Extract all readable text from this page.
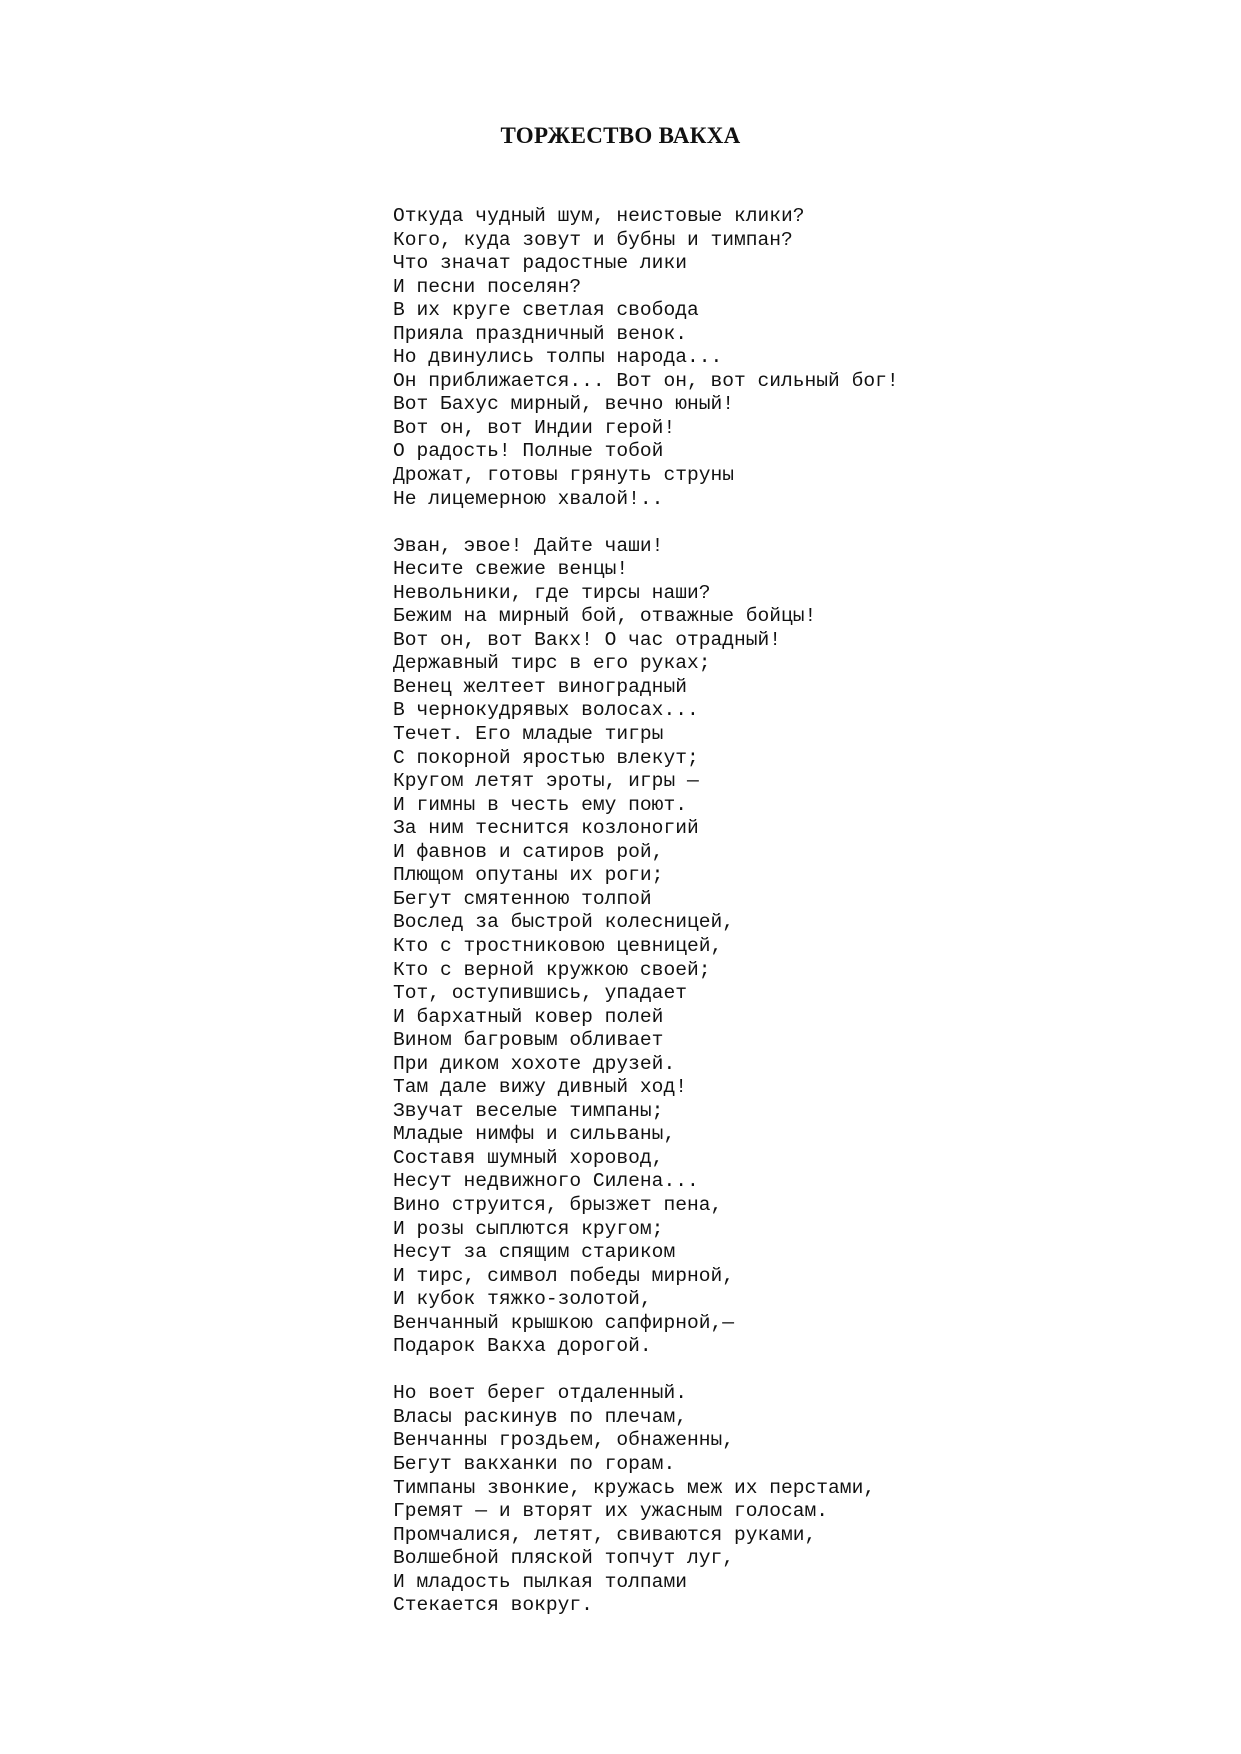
ТОРЖЕСТВО ВАКХА
Откуда чудный шум, неистовые клики?
Кого, куда зовут и бубны и тимпан?
Что значат радостные лики
И песни поселян?
В их круге светлая свобода
Прияла праздничный венок.
Но двинулись толпы народа...
Он приближается... Вот он, вот сильный бог!
Вот Бахус мирный, вечно юный!
Вот он, вот Индии герой!
О радость! Полные тобой
Дрожат, готовы грянуть струны
Не лицемерною хвалой!..
Эван, эвое! Дайте чаши!
Несите свежие венцы!
Невольники, где тирсы наши?
Бежим на мирный бой, отважные бойцы!
Вот он, вот Вакх! О час отрадный!
Державный тирс в его руках;
Венец желтеет виноградный
В чернокудрявых волосах...
Течет. Его младые тигры
С покорной яростью влекут;
Кругом летят эроты, игры —
И гимны в честь ему поют.
За ним теснится козлоногий
И фавнов и сатиров рой,
Плющом опутаны их роги;
Бегут смятенною толпой
Вослед за быстрой колесницей,
Кто с тростниковою цевницей,
Кто с верной кружкою своей;
Тот, оступившись, упадает
И бархатный ковер полей
Вином багровым обливает
При диком хохоте друзей.
Там дале вижу дивный ход!
Звучат веселые тимпаны;
Младые нимфы и сильваны,
Составя шумный хоровод,
Несут недвижного Силена...
Вино струится, брызжет пена,
И розы сыплются кругом;
Несут за спящим стариком
И тирс, символ победы мирной,
И кубок тяжко-золотой,
Венчанный крышкою сапфирной,—
Подарок Вакха дорогой.
Но воет берег отдаленный.
Власы раскинув по плечам,
Венчанны гроздьем, обнаженны,
Бегут вакханки по горам.
Тимпаны звонкие, кружась меж их перстами,
Гремят — и вторят их ужасным голосам.
Промчалися, летят, свиваются руками,
Волшебной пляской топчут луг,
И младость пылкая толпами
Стекается вокруг.
